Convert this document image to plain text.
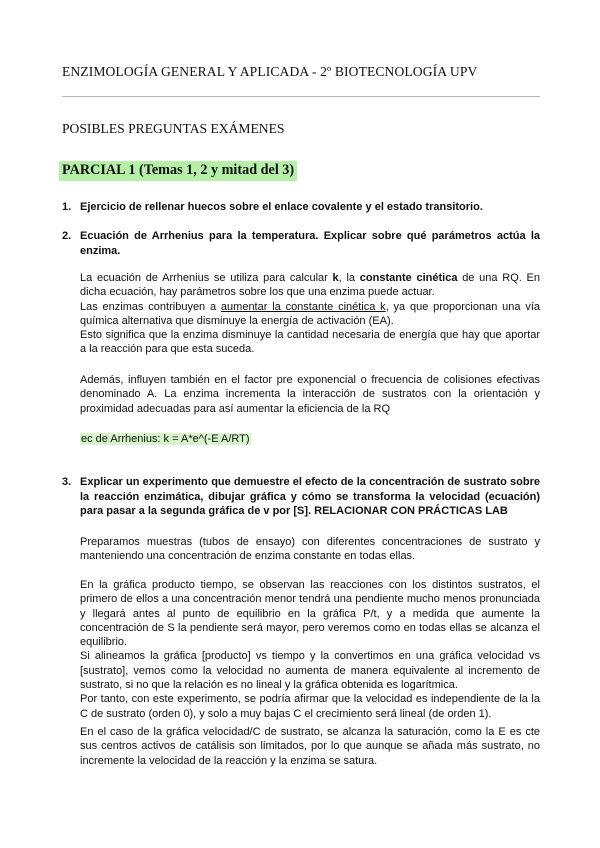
ENZIMOLOGÍA GENERAL Y APLICADA - 2º BIOTECNOLOGÍA UPV
POSIBLES PREGUNTAS EXÁMENES
PARCIAL 1 (Temas 1, 2 y mitad del 3)
1. Ejercicio de rellenar huecos sobre el enlace covalente y el estado transitorio.
2. Ecuación de Arrhenius para la temperatura. Explicar sobre qué parámetros actúa la enzima.

La ecuación de Arrhenius se utiliza para calcular k, la constante cinética de una RQ. En dicha ecuación, hay parámetros sobre los que una enzima puede actuar.

Las enzimas contribuyen a aumentar la constante cinética k, ya que proporcionan una vía química alternativa que disminuye la energía de activación (EA).

Esto significa que la enzima disminuye la cantidad necesaria de energía que hay que aportar a la reacción para que esta suceda.

Además, influyen también en el factor pre exponencial o frecuencia de colisiones efectivas denominado A. La enzima incrementa la interacción de sustratos con la orientación y proximidad adecuadas para así aumentar la eficiencia de la RQ

ec de Arrhenius: k = A*e^(-E A/RT)
3. Explicar un experimento que demuestre el efecto de la concentración de sustrato sobre la reacción enzimática, dibujar gráfica y cómo se transforma la velocidad (ecuación) para pasar a la segunda gráfica de v por [S]. RELACIONAR CON PRÁCTICAS LAB

Preparamos muestras (tubos de ensayo) con diferentes concentraciones de sustrato y manteniendo una concentración de enzima constante en todas ellas.

En la gráfica producto tiempo, se observan las reacciones con los distintos sustratos, el primero de ellos a una concentración menor tendrá una pendiente mucho menos pronunciada y llegará antes al punto de equilibrio en la gráfica P/t, y a medida que aumente la concentración de S la pendiente será mayor, pero veremos como en todas ellas se alcanza el equilibrio.

Si alineamos la gráfica [producto] vs tiempo y la convertimos en una gráfica velocidad vs [sustrato], vemos como la velocidad no aumenta de manera equivalente al incremento de sustrato, si no que la relación es no lineal y la gráfica obtenida es logarítmica.

Por tanto, con este experimento, se podría afirmar que la velocidad es independiente de la la C de sustrato (orden 0), y solo a muy bajas C el crecimiento será lineal (de orden 1).

En el caso de la gráfica velocidad/C de sustrato, se alcanza la saturación, como la E es cte sus centros activos de catálisis son limitados, por lo que aunque se añada más sustrato, no incremente la velocidad de la reacción y la enzima se satura.
